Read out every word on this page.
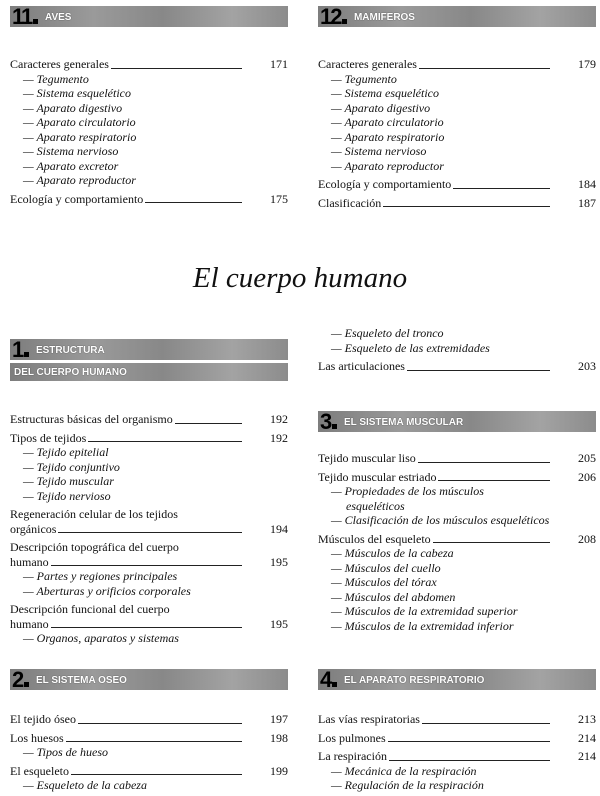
11	AVES
Caracteres generales	171
— Tegumento
— Sistema esquelético
— Aparato digestivo
— Aparato circulatorio
— Aparato respiratorio
— Sistema nervioso
— Aparato excretor
— Aparato reproductor
Ecología y comportamiento	175
12	MAMIFEROS
Caracteres generales	179
— Tegumento
— Sistema esquelético
— Aparato digestivo
— Aparato circulatorio
— Aparato respiratorio
— Sistema nervioso
— Aparato reproductor
Ecología y comportamiento	184
Clasificación	187
El cuerpo humano
1	ESTRUCTURA
DEL CUERPO HUMANO
Estructuras básicas del organismo	192
Tipos de tejidos	192
— Tejido epitelial
— Tejido conjuntivo
— Tejido muscular
— Tejido nervioso
Regeneración celular de los tejidos
orgánicos	194
Descripción topográfica del cuerpo
humano	195
— Partes y regiones principales
— Aberturas y orificios corporales
Descripción funcional del cuerpo
humano	195
— Organos, aparatos y sistemas
— Esqueleto del tronco
— Esqueleto de las extremidades
Las articulaciones	203
3	EL SISTEMA MUSCULAR
Tejido muscular liso	205
Tejido muscular estriado	206
— Propiedades de los músculos
esqueléticos
— Clasificación de los músculos esqueléticos
Músculos del esqueleto	208
— Músculos de la cabeza
— Músculos del cuello
— Músculos del tórax
— Músculos del abdomen
— Músculos de la extremidad superior
— Músculos de la extremidad inferior
2	EL SISTEMA OSEO
El tejido óseo	197
Los huesos	198
— Tipos de hueso
El esqueleto	199
— Esqueleto de la cabeza
4	EL APARATO RESPIRATORIO
Las vías respiratorias	213
Los pulmones	214
La respiración	214
— Mecánica de la respiración
— Regulación de la respiración
